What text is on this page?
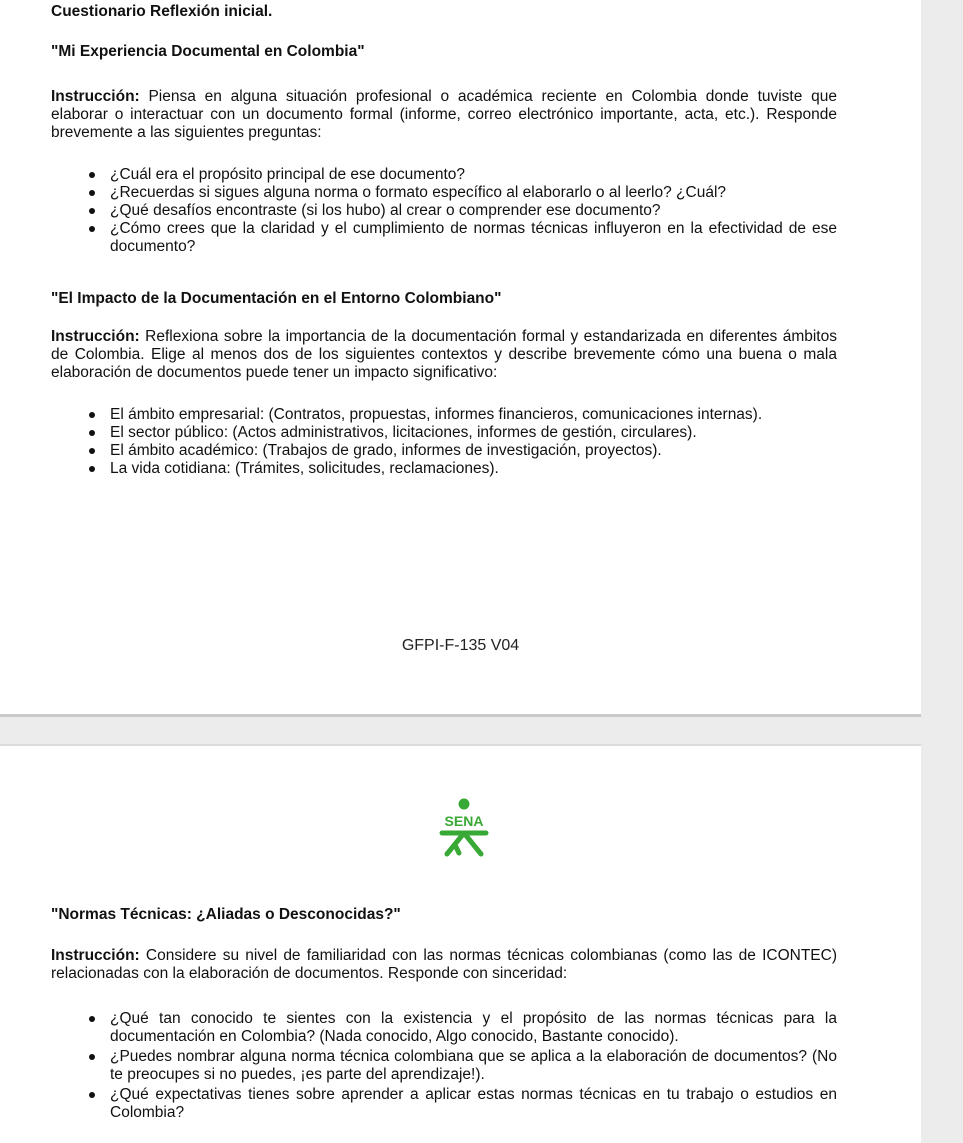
Cuestionario Reflexión inicial.
"Mi Experiencia Documental en Colombia"
Instrucción: Piensa en alguna situación profesional o académica reciente en Colombia donde tuviste que elaborar o interactuar con un documento formal (informe, correo electrónico importante, acta, etc.). Responde brevemente a las siguientes preguntas:
¿Cuál era el propósito principal de ese documento?
¿Recuerdas si sigues alguna norma o formato específico al elaborarlo o al leerlo? ¿Cuál?
¿Qué desafíos encontraste (si los hubo) al crear o comprender ese documento?
¿Cómo crees que la claridad y el cumplimiento de normas técnicas influyeron en la efectividad de ese documento?
"El Impacto de la Documentación en el Entorno Colombiano"
Instrucción: Reflexiona sobre la importancia de la documentación formal y estandarizada en diferentes ámbitos de Colombia. Elige al menos dos de los siguientes contextos y describe brevemente cómo una buena o mala elaboración de documentos puede tener un impacto significativo:
El ámbito empresarial: (Contratos, propuestas, informes financieros, comunicaciones internas).
El sector público: (Actos administrativos, licitaciones, informes de gestión, circulares).
El ámbito académico: (Trabajos de grado, informes de investigación, proyectos).
La vida cotidiana: (Trámites, solicitudes, reclamaciones).
GFPI-F-135 V04
SENA
"Normas Técnicas: ¿Aliadas o Desconocidas?"
Instrucción: Considere su nivel de familiaridad con las normas técnicas colombianas (como las de ICONTEC) relacionadas con la elaboración de documentos. Responde con sinceridad:
¿Qué tan conocido te sientes con la existencia y el propósito de las normas técnicas para la documentación en Colombia? (Nada conocido, Algo conocido, Bastante conocido).
¿Puedes nombrar alguna norma técnica colombiana que se aplica a la elaboración de documentos? (No te preocupes si no puedes, ¡es parte del aprendizaje!).
¿Qué expectativas tienes sobre aprender a aplicar estas normas técnicas en tu trabajo o estudios en Colombia?
